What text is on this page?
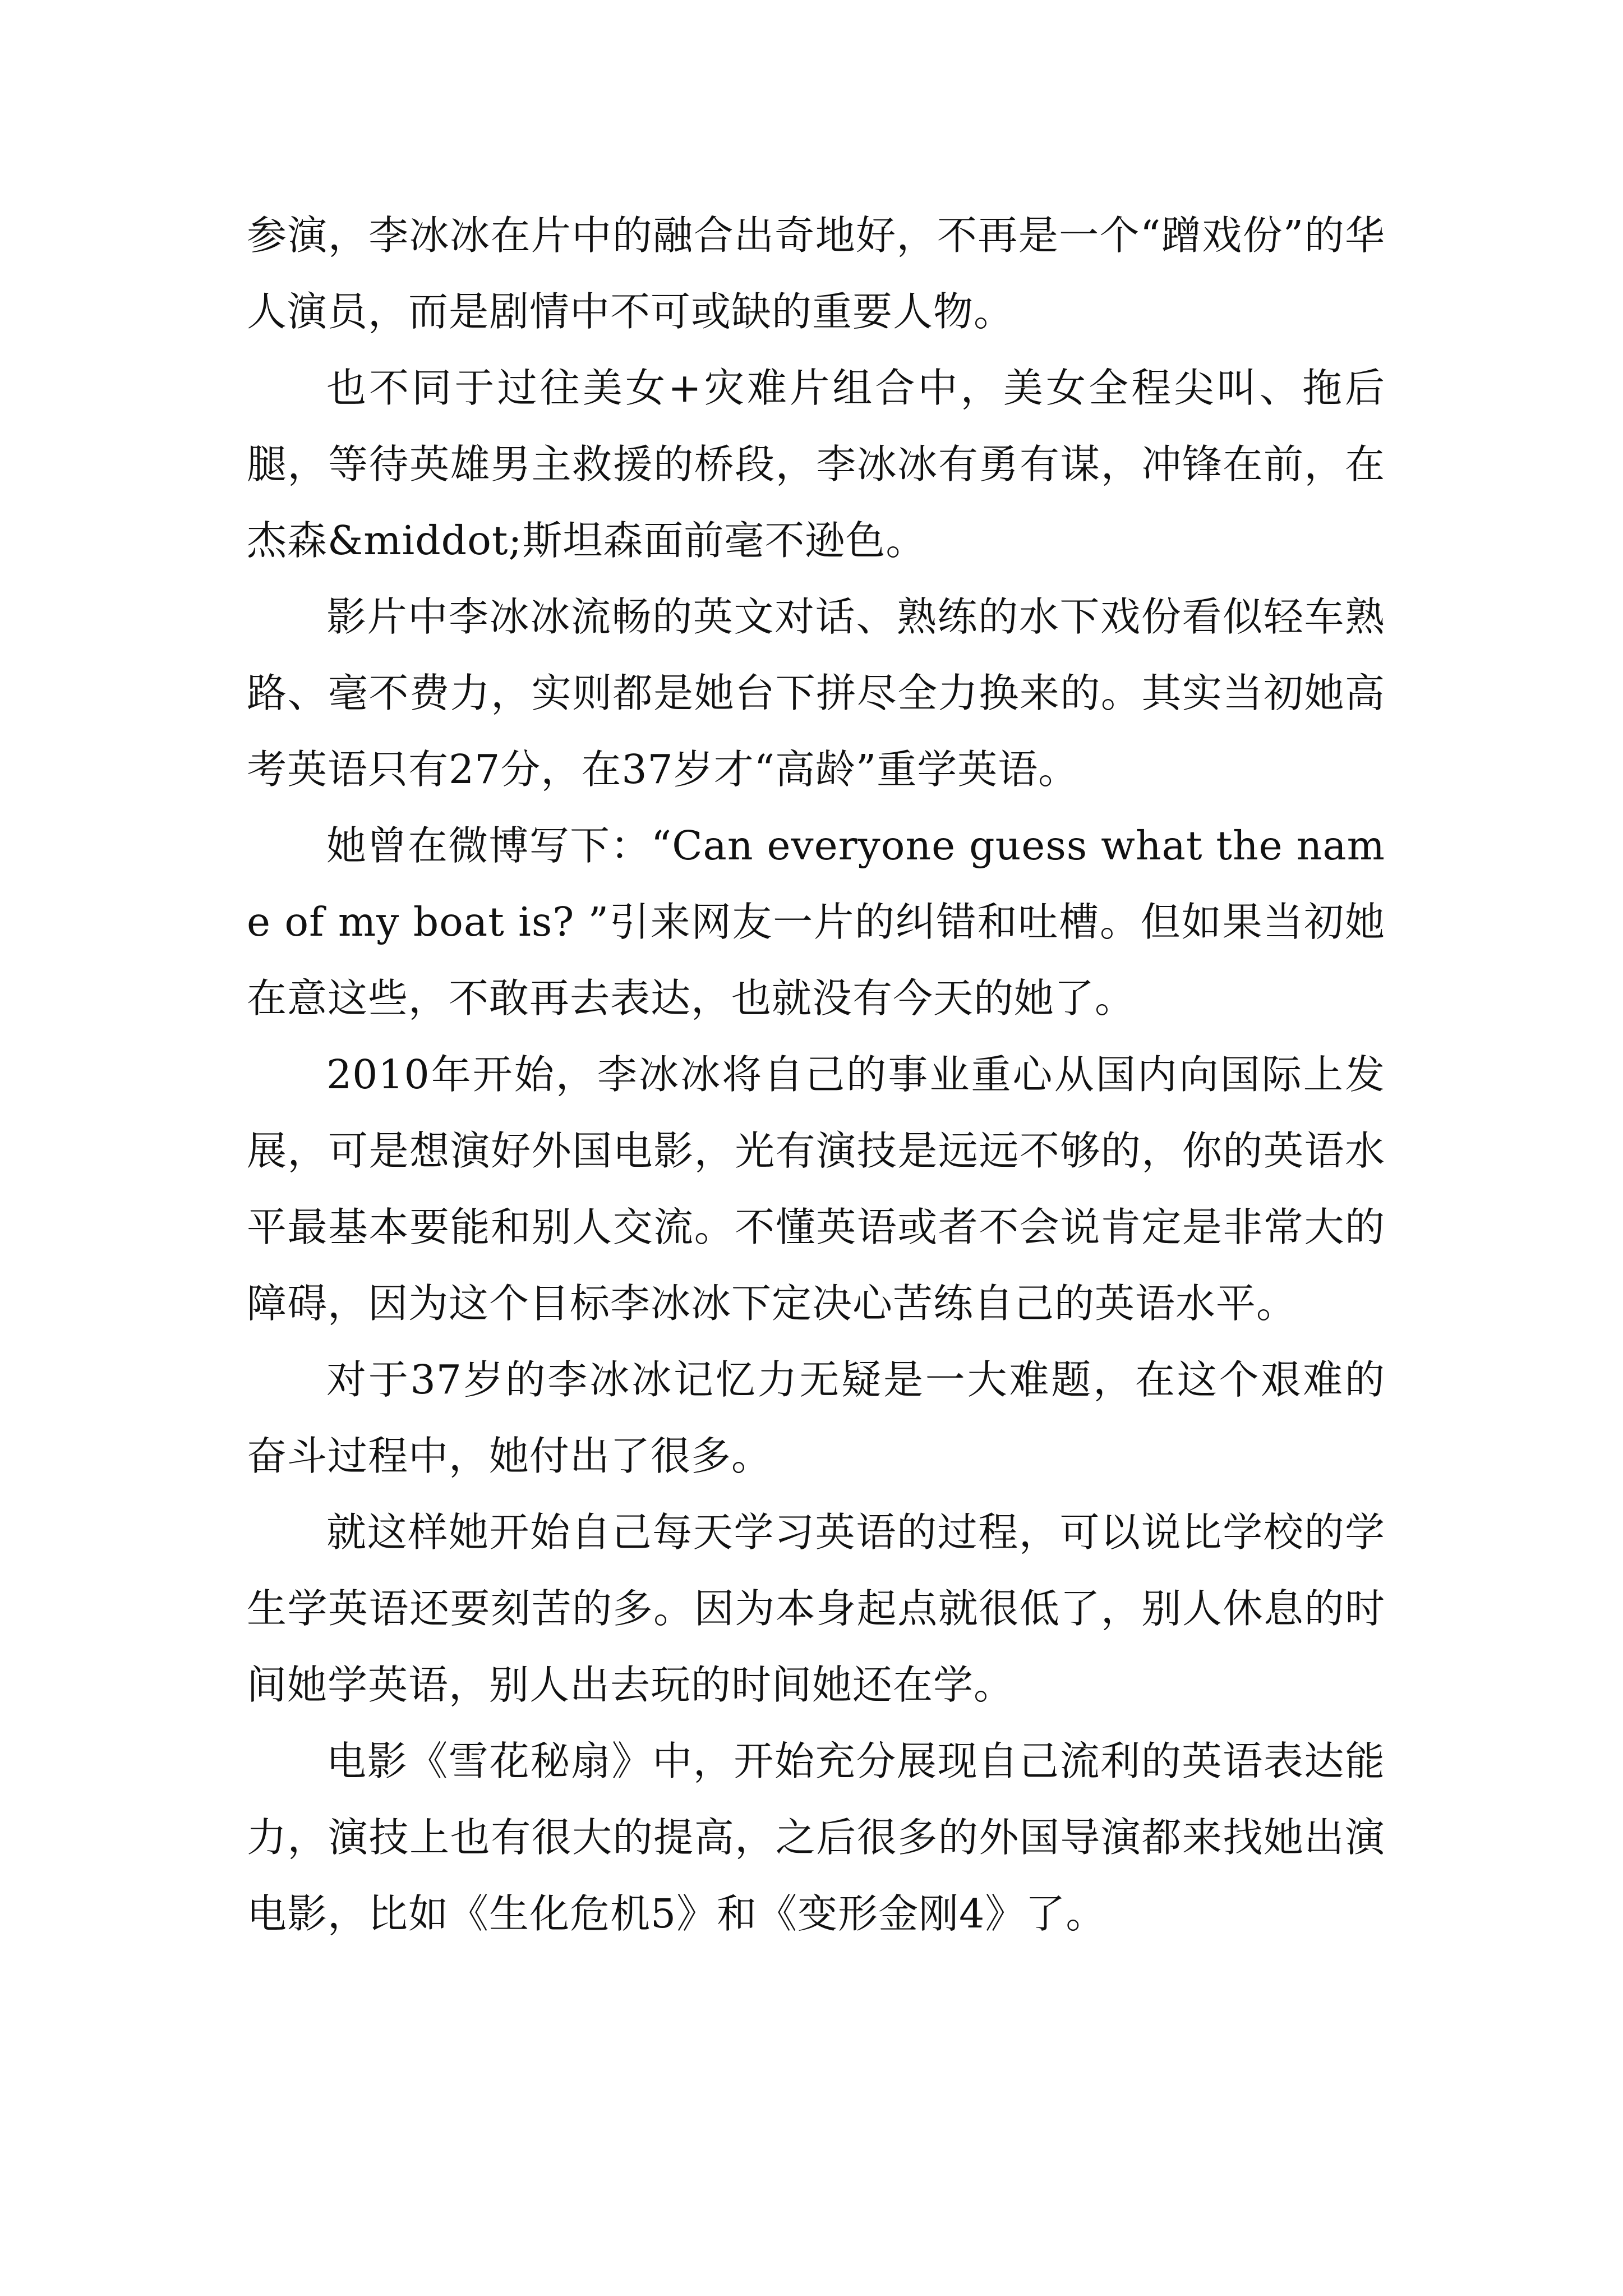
参演，李冰冰在片中的融合出奇地好，不再是一个“蹭戏份”的华人演员，而是剧情中不可或缺的重要人物。

也不同于过往美女+灾难片组合中，美女全程尖叫、拖后腿，等待英雄男主救援的桥段，李冰冰有勇有谋，冲锋在前，在杰森&middot;斯坦森面前毫不逊色。

影片中李冰冰流畅的英文对话、熟练的水下戏份看似轻车熟路、毫不费力，实则都是她台下拼尽全力换来的。其实当初她高考英语只有27分，在37岁才“高龄”重学英语。

她曾在微博写下：“Can everyone guess what the name of my boat is? ”引来网友一片的纠错和吐槽。但如果当初她在意这些，不敢再去表达，也就没有今天的她了。

2010年开始，李冰冰将自己的事业重心从国内向国际上发展，可是想演好外国电影，光有演技是远远不够的，你的英语水平最基本要能和别人交流。不懂英语或者不会说肯定是非常大的障碍，因为这个目标李冰冰下定决心苦练自己的英语水平。

对于37岁的李冰冰记忆力无疑是一大难题，在这个艰难的奋斗过程中，她付出了很多。

就这样她开始自己每天学习英语的过程，可以说比学校的学生学英语还要刻苦的多。因为本身起点就很低了，别人休息的时间她学英语，别人出去玩的时间她还在学。

电影《雪花秘扇》中，开始充分展现自己流利的英语表达能力，演技上也有很大的提高，之后很多的外国导演都来找她出演电影，比如《生化危机5》和《变形金刚4》了。
